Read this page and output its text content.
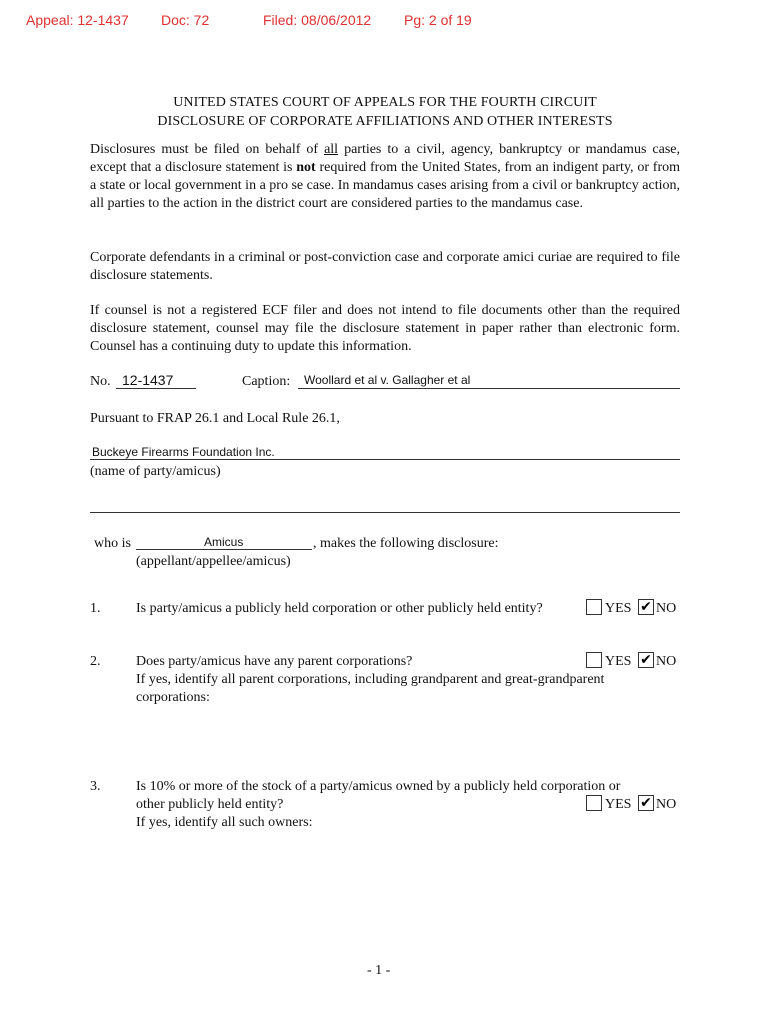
Appeal: 12-1437 Doc: 72	Filed: 08/06/2012 Pg: 2 of 19
UNITED STATES COURT OF APPEALS FOR THE FOURTH CIRCUIT
DISCLOSURE OF CORPORATE AFFILIATIONS AND OTHER INTERESTS
Disclosures must be filed on behalf of all parties to a civil, agency, bankruptcy or mandamus case, except that a disclosure statement is not required from the United States, from an indigent party, or from a state or local government in a pro se case. In mandamus cases arising from a civil or bankruptcy action, all parties to the action in the district court are considered parties to the mandamus case.
Corporate defendants in a criminal or post-conviction case and corporate amici curiae are required to file disclosure statements.
If counsel is not a registered ECF filer and does not intend to file documents other than the required disclosure statement, counsel may file the disclosure statement in paper rather than electronic form. Counsel has a continuing duty to update this information.
No. 12-1437	Caption: Woollard et al v. Gallagher et al
Pursuant to FRAP 26.1 and Local Rule 26.1,
Buckeye Firearms Foundation Inc.
(name of party/amicus)
who is	Amicus	, makes the following disclosure:
(appellant/appellee/amicus)
1.	Is party/amicus a publicly held corporation or other publicly held entity?	YES ✔ NO
2.	Does party/amicus have any parent corporations?	YES ✔ NO
If yes, identify all parent corporations, including grandparent and great-grandparent
corporations:
3.	Is 10% or more of the stock of a party/amicus owned by a publicly held corporation or
other publicly held entity?	YES ✔ NO
If yes, identify all such owners:
- 1 -
